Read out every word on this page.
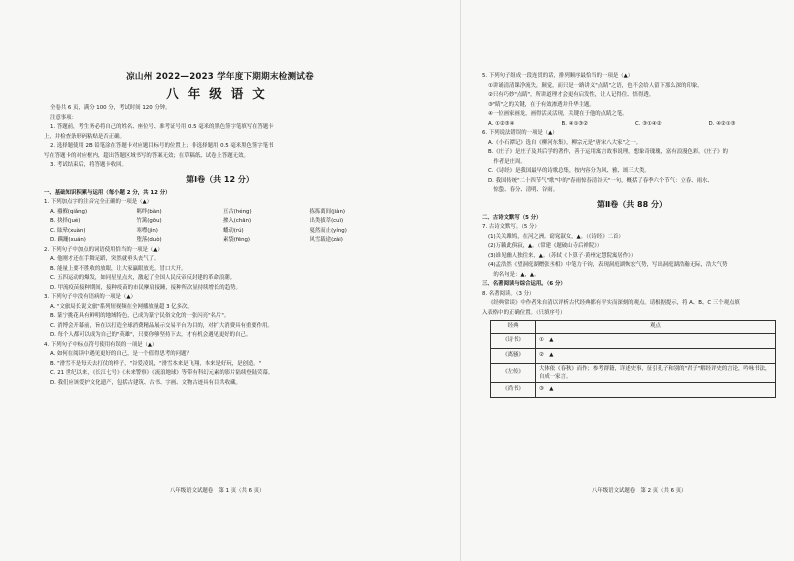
凉山州 2022—2023 学年度下期期末检测试卷
八年级语文
全卷共 6 页，满分 100 分，考试时间 120 分钟。
注意事项：
1. 答题前，考生务必将自己的姓名、座位号、准考证号用 0.5 毫米的黑色签字笔填写在答题卡
上，并检查条形码粘贴是否正确。
2. 选择题使用 2B 铅笔涂在答题卡对应题目标号的位置上；非选择题用 0.5 毫米黑色签字笔书
写在答题卡的对应框内，超出答题区域书写的答案无效；在草稿纸、试卷上答题无效。
3. 考试结束后，将答题卡收回。
第Ⅰ卷（共 12 分）
一、基础知识积累与运用（每小题 2 分，共 12 分）
1. 下列加点字的注音完全正确的一项是（▲）
A. 襁褓(qiǎng)	羁绊(bàn)	亘古(héng)	拣拣离间(jiàn)
B. 抉择(jué)	竹篱(gōu)	掺入(chān)	出类拔萃(cuì)
C. 眩晕(xuàn)	寒噤(jìn)	蟠动(rú)	戛然而止(yíng)
D. 蹒跚(xuán)	堕落(duò)	素袋(fēng)	风雪载途(zài)
2. 下列句子中加点的词语使用恰当的一项是（▲）
A. 他刚才还在手舞足蹈，突然就垂头丧气了。
B. 能量上要不胜收的放眼，让大家赢眼放光，冒口大开。
C. 五四运动的爆发，如同星星点火，激起了全国人民反帝反封建的革命浪潮。
D. 甲流疫苗接种期间，接种疫苗的市民摩肩接踵，接种所次显持续增长的趋势。
3. 下列句子中没有语病的一项是（▲）
A. "文旅局长说文旅"系列短视频在全网播放量超 3 亿多次。
B. 篆宁挑花具有鲜明的地域特色，已成为篆宁民俗文化的一张闪亮"名片"。
C. 消博会开幕前，旨在以打造全球消费精品展示交易平台为目的，对扩大消费具有重要作用。
D. 每个人都可以成为自己的"英雄"，只要你够坚持下去，才有机会遇见更好的自己。
4. 下列句子中标点符号使用有误的一项是（▲）
A. 如何在阅读中遇见更好的自己，是一个值得思考的问题？
B. "滑雪不是每天去打仗的样子，"谷爱凌说，"滑雪本来是飞翔，本来是好玩，是创造。"
C. 21 世纪以来，《长江七号》《未来警察》《流浪地球》等带有科幻元素的影片陆续登陆荧幕。
D. 我们应该爱护文化遗产，包括古建筑、古书、字画、文物古迹具有目共收藏。
八年级语文试题卷　第 1 页（共 6 页）
5. 下列句子组成一段连贯的话，排列顺序最恰当的一项是（▲）
①讲诵清清课净流失，颠觉，而只是一路讲义"点睛"之语，也不会给人留下那么深的印象。
②只有巧妙"点睛"，所讲道理才会更有启发性，让人记得住、悟得透。
③"睛"之的关键，在于有效渗透并升华主题。
④一位画家画龙，画得活灵活现，关键在于他的点睛之笔。
A. ①②③④	B. ④①③②	C. ③①④②	D. ④②①③
6. 下列说法错误的一项是（▲）
A.《小石潭记》选自《柳河东集》，柳宗元是"唐宋八大家"之一。
B.《庄子》是庄子及其后学的著作，善于运用寓言故事说理，想象奇瑰瑰，富有浪漫色彩。《庄子》的
　作者是庄周。
C.《诗经》是我国最早的诗歌总集，按内容分为风、雅、颂三大类。
D. 我国传统"二十四节气"歌"中的"春雨惊春清谷天"一句，概括了春季六个节气：立春、雨水、
　惊蛰、春分、清明、谷雨。
第Ⅱ卷（共 88 分）
二、古诗文默写（5 分）
7. 古诗文默写。（5 分）
(1)关关雎鸠，在河之洲。窈窕淑女，▲。（《诗经》二首）
(2)万籁此俱寂，▲。（常建《题破山寺后禅院》）
(3)谁见幽人独往来，▲。（苏轼《卜算子·黄州定慧院寓居作》）
(4)孟浩然《望洞庭湖赠张丞相》中笔力千钧，表现洞庭湖恢宏气势，写出洞庭湖浩瀚无际，浩大气势
　的名句是：▲，▲。
三、名著阅读与综合运用。（6 分）
8. 名著阅读。（3 分）
《经典常谈》中作者朱自清以评析古代经典都有平实而深刻的观点。请根据提示，将 A、B、C 三个观点填
入表格中的正确位置。（只填序号）
经典	观点
《诗书》	①　▲
《离骚》	②　▲
《左传》	大体依《春秋》而作；参考群籍，详述史事，征引孔子和别的"君子"解经评史的言论，吟咏书法，自成一家言。
《尚书》	③　▲
八年级语文试题卷　第 2 页（共 6 页）
